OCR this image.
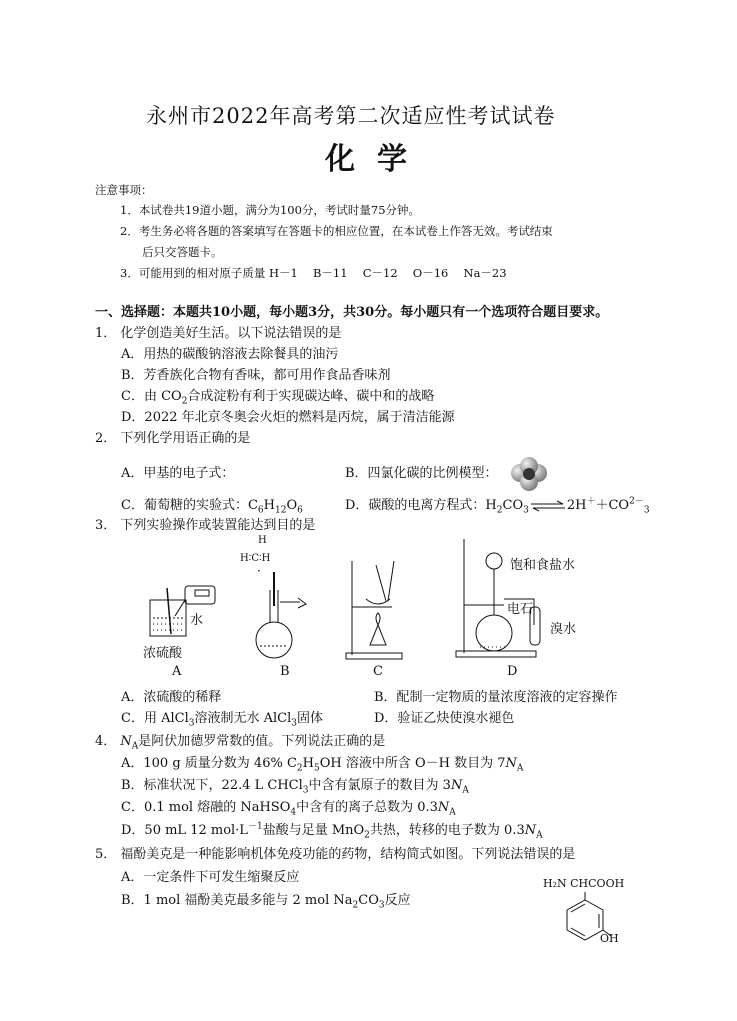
永州市2022年高考第二次适应性考试试卷
化学
注意事项：
1．本试卷共19道小题，满分为100分，考试时量75分钟。
2．考生务必将各题的答案填写在答题卡的相应位置，在本试卷上作答无效。考试结束
后只交答题卡。
3．可能用到的相对原子质量 H－1　 B－11　 C－12　 O－16　 Na－23
一、选择题：本题共10小题，每小题3分，共30分。每小题只有一个选项符合题目要求。
1． 化学创造美好生活。以下说法错误的是
A．用热的碳酸钠溶液去除餐具的油污
B．芳香族化合物有香味，都可用作食品香味剂
C．由 $CO_2$合成淀粉有利于实现碳达峰、碳中和的战略
D．2022 年北京冬奥会火炬的燃料是丙烷，属于清洁能源
2． 下列化学用语正确的是
A．甲基的电子式：	B．四氯化碳的比例模型：
C．葡萄糖的实验式：$C_6H_{12}O_6$	D．碳酸的电离方程式：$H_2CO_3\rightleftharpoons 2H^++CO^{2-}_3$
3． 下列实验操作或装置能达到目的是
H
H∶C∶H
·
水
浓硫酸
A	B	C
饱和食盐水
电石
溴水
D
A．浓硫酸的稀释	B．配制一定物质的量浓度溶液的定容操作
C．用 AlCl$_3$溶液制无水 AlCl$_3$固体	D．验证乙炔使溴水褪色
4． $N_A$是阿伏加德罗常数的值。下列说法正确的是
A．100 g 质量分数为 46% $C_2H_5OH$ 溶液中所含 O－H 数目为 $7N_A$
B．标准状况下，22.4 L CHCl$_3$中含有氯原子的数目为 $3N_A$
C．0.1 mol 熔融的 NaHSO$_4$中含有的离子总数为 $0.3N_A$
D．50 mL 12 $mol\cdot L^{-1}$盐酸与足量 MnO$_2$共热，转移的电子数为 $0.3N_A$
5． 福酚美克是一种能影响机体免疫功能的药物，结构简式如图。下列说法错误的是
A．一定条件下可发生缩聚反应
B．1 mol 福酚美克最多能与 2 mol $Na_2CO_3$反应
H₂N CHCOOH
OH
